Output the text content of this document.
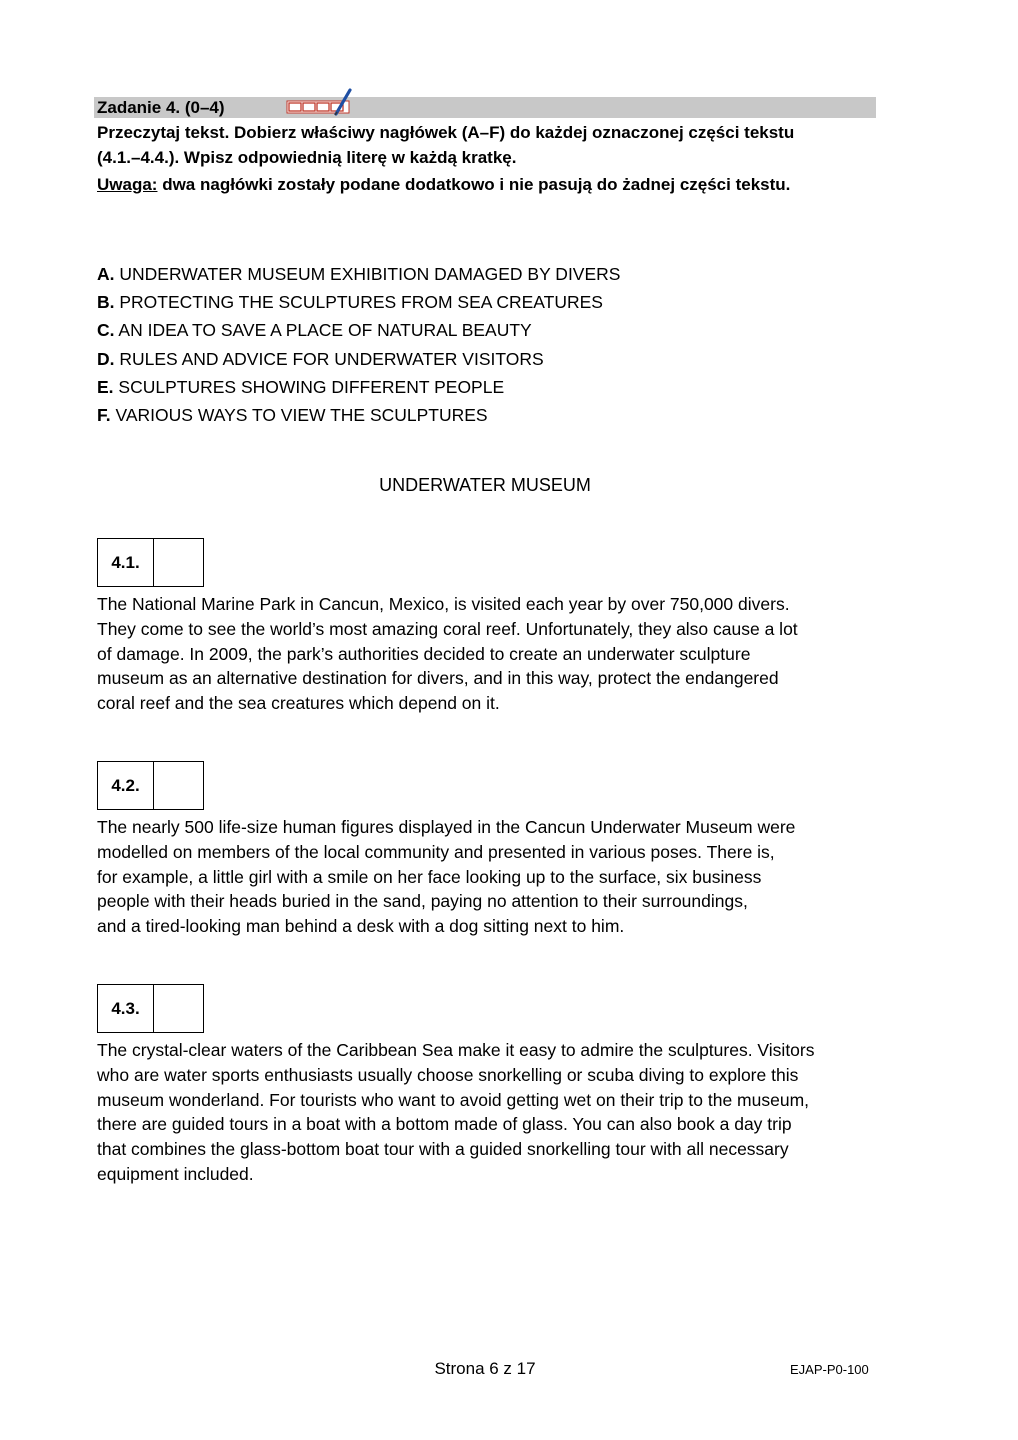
Zadanie 4. (0–4)
Przeczytaj tekst. Dobierz właściwy nagłówek (A–F) do każdej oznaczonej części tekstu
(4.1.–4.4.). Wpisz odpowiednią literę w każdą kratkę.
Uwaga: dwa nagłówki zostały podane dodatkowo i nie pasują do żadnej części tekstu.
A. UNDERWATER MUSEUM EXHIBITION DAMAGED BY DIVERS
B. PROTECTING THE SCULPTURES FROM SEA CREATURES
C. AN IDEA TO SAVE A PLACE OF NATURAL BEAUTY
D. RULES AND ADVICE FOR UNDERWATER VISITORS
E. SCULPTURES SHOWING DIFFERENT PEOPLE
F. VARIOUS WAYS TO VIEW THE SCULPTURES
UNDERWATER MUSEUM
4.1.
The National Marine Park in Cancun, Mexico, is visited each year by over 750,000 divers.
They come to see the world’s most amazing coral reef. Unfortunately, they also cause a lot
of damage. In 2009, the park’s authorities decided to create an underwater sculpture
museum as an alternative destination for divers, and in this way, protect the endangered
coral reef and the sea creatures which depend on it.
4.2.
The nearly 500 life-size human figures displayed in the Cancun Underwater Museum were
modelled on members of the local community and presented in various poses. There is,
for example, a little girl with a smile on her face looking up to the surface, six business
people with their heads buried in the sand, paying no attention to their surroundings,
and a tired-looking man behind a desk with a dog sitting next to him.
4.3.
The crystal-clear waters of the Caribbean Sea make it easy to admire the sculptures. Visitors
who are water sports enthusiasts usually choose snorkelling or scuba diving to explore this
museum wonderland. For tourists who want to avoid getting wet on their trip to the museum,
there are guided tours in a boat with a bottom made of glass. You can also book a day trip
that combines the glass-bottom boat tour with a guided snorkelling tour with all necessary
equipment included.
Strona 6 z 17	EJAP-P0-100
